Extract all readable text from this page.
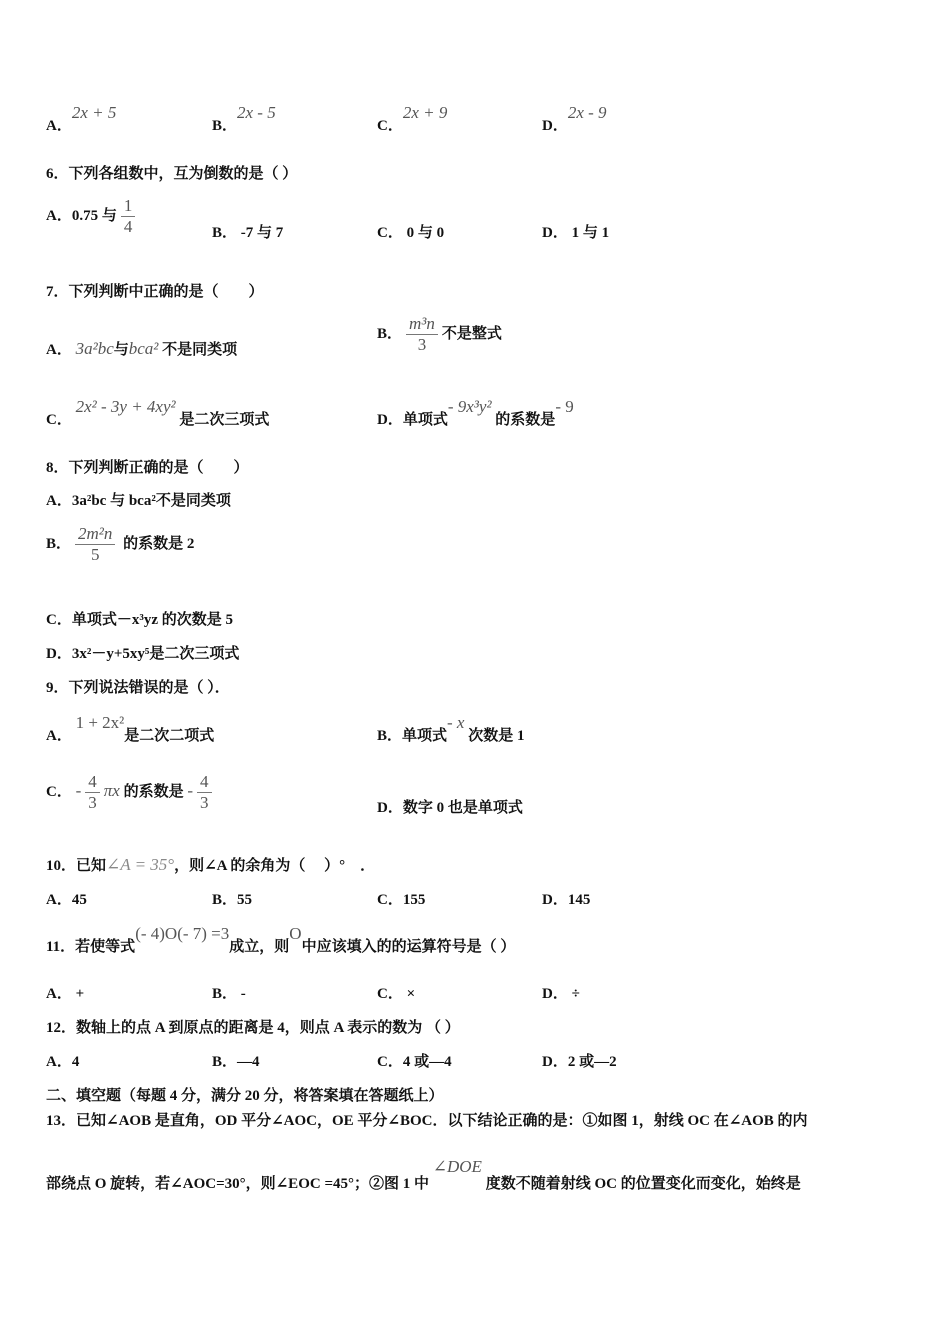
A．2x + 5
B．2x - 5
C．2x + 9
D．2x - 9
6．下列各组数中，互为倒数的是（ ）
A．0.75 与 $\frac{1}{4}$	B． -7 与 7	C． 0 与 0	D． 1 与 1
7．下列判断中正确的是（　　）
A． 3a²bc与bca² 不是同类项
B． $\frac{\text{m³n}}{3}$ 不是整式
C． 2x² - 3y + 4xy² 是二次三项式	D．单项式- 9x³y² 的系数是- 9
8．下列判断正确的是（　　）
A．3a²bc 与 bca²不是同类项
B． $\frac{\text{2m²n}}{5}$ 的系数是 2
C．单项式－x³yz 的次数是 5
D．3x²－y+5xy⁵是二次三项式
9．下列说法错误的是（ ）．
A． 1 + 2x²是二次二项式	B．单项式- x 次数是 1
C． - $\frac{4}{3}$ πx 的系数是 - $\frac{4}{3}$	D．数字 0 也是单项式
10．已知∠A = 35°，则∠A 的余角为（　 ）°　．
A．45	B．55	C．155	D．145
11．若使等式(- 4)O(- 7) =3成立，则O中应该填入的的运算符号是（ ）
A． +	B． -	C． ×	D． ÷
12．数轴上的点 A 到原点的距离是 4，则点 A 表示的数为 （ ）
A．4	B．—4	C．4 或—4	D．2 或—2
二、填空题（每题 4 分，满分 20 分，将答案填在答题纸上）
13．已知∠AOB 是直角，OD 平分∠AOC，OE 平分∠BOC．以下结论正确的是：①如图 1，射线 OC 在∠AOB 的内
部绕点 O 旋转，若∠AOC=30°，则∠EOC =45°；②图 1 中 ∠DOE 度数不随着射线 OC 的位置变化而变化，始终是
